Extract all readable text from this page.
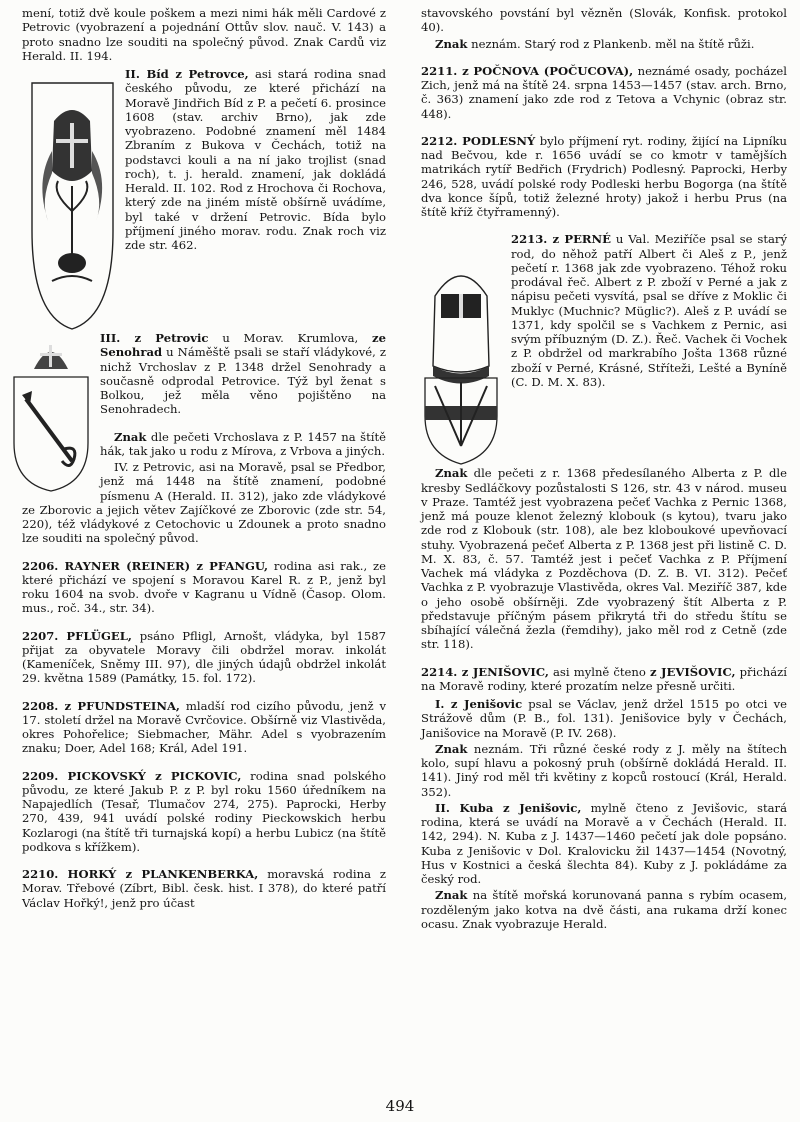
mení, totiž dvě koule poškem a mezi nimi hák měli Cardové z Petrovic (vyobrazení a pojednání Ottův slov. nauč. V. 143) a proto snadno lze souditi na společný původ. Znak Cardů viz Herald. II. 194.

II. Bíd z Petrovce, asi stará rodina snad českého původu, ze které přichází na Moravě Jindřich Bíd z P. a pečetí 6. prosince 1608 (stav. archiv Brno), jak zde vyobrazeno. Podobné znamení měl 1484 Zbraním z Bukova v Čechách, totiž na podstavci kouli a na ní jako trojlist (snad roch), t. j. herald. znamení, jak dokládá Herald. II. 102. Rod z Hrochova či Rochova, který zde na jiném místě obšírně uvádíme, byl také v držení Petrovic. Bída bylo příjmení jiného morav. rodu. Znak roch viz zde str. 462.

III. z Petrovic u Morav. Krumlova, ze Senohrad u Náměště psali se staří vládykové, z nichž Vrchoslav z P. 1348 držel Senohrady a současně odprodal Petrovice. Týž byl ženat s Bolkou, jež měla věno pojištěno na Senohradech.

Znak dle pečeti Vrchoslava z P. 1457 na štítě hák, tak jako u rodu z Mírova, z Vrbova a jiných.

IV. z Petrovic, asi na Moravě, psal se Předbor, jenž má 1448 na štítě znamení, podobné písmenu A (Herald. II. 312), jako zde vládykové ze Zborovic a jejich větev Zajíčkové ze Zborovic (zde str. 54, 220), též vládykové z Cetochovic u Zdounek a proto snadno lze souditi na společný původ.

2206. RAYNER (REINER) z PFANGU, rodina asi rak., ze které přichází ve spojení s Moravou Karel R. z P., jenž byl roku 1604 na svob. dvoře v Kagranu u Vídně (Časop. Olom. mus., roč. 34., str. 34).

2207. PFLÜGEL, psáno Pfligl, Arnošt, vládyka, byl 1587 přijat za obyvatele Moravy čili obdržel morav. inkolát (Kameníček, Sněmy III. 97), dle jiných údajů obdržel inkolát 29. května 1589 (Památky, 15. fol. 172).

2208. z PFUNDSTEINA, mladší rod cizího původu, jenž v 17. století držel na Moravě Cvrčovice. Obšírně viz Vlastivěda, okres Pohořelice; Siebmacher, Mähr. Adel s vyobrazením znaku; Doer, Adel 168; Král, Adel 191.

2209. PICKOVSKÝ z PICKOVIC, rodina snad polského původu, ze které Jakub P. z P. byl roku 1560 úředníkem na Napajedlích (Tesař, Tlumačov 274, 275). Paprocki, Herby 270, 439, 941 uvádí polské rodiny Pieckowskich herbu Kozlarogi (na štítě tři turnajská kopí) a herbu Lubicz (na štítě podkova s křížkem).

2210. HORKÝ z PLANKENBERKA, moravská rodina z Morav. Třebové (Zíbrt, Bibl. česk. hist. I 378), do které patří Václav Hořký!, jenž pro účast

stavovského povstání byl vězněn (Slovák, Konfisk. protokol 40).

Znak neznám. Starý rod z Plankenb. měl na štítě růži.

2211. z POČNOVA (POČUCOVA), neznámé osady, pocházel Zich, jenž má na štítě 24. srpna 1453—1457 (stav. arch. Brno, č. 363) znamení jako zde rod z Tetova a Vchynic (obraz str. 448).

2212. PODLESNÝ bylo příjmení ryt. rodiny, žijící na Lipníku nad Bečvou, kde r. 1656 uvádí se co kmotr v tamějších matrikách rytíř Bedřich (Frydrich) Podlesný. Paprocki, Herby 246, 528, uvádí polské rody Podleski herbu Bogorga (na štítě dva konce šípů, totiž železné hroty) jakož i herbu Prus (na štítě kříž čtyřramenný).

2213. z PERNÉ u Val. Meziříče psal se starý rod, do něhož patří Albert či Aleš z P., jenž pečetí r. 1368 jak zde vyobrazeno. Téhož roku prodával řeč. Albert z P. zboží v Perné a jak z nápisu pečeti vysvítá, psal se dříve z Moklic či Muklyc (Muchnic? Müglic?). Aleš z P. uvádí se 1371, kdy spolčil se s Vachkem z Pernic, asi svým příbuzným (D. Z.). Řeč. Vachek či Vochek z P. obdržel od markrabího Jošta 1368 různé zboží v Perné, Krásné, Stříteži, Lešté a Byníně (C. D. M. X. 83).

Znak dle pečeti z r. 1368 předesílaného Alberta z P. dle kresby Sedláčkovy pozůstalosti S 126, str. 43 v národ. museu v Praze. Tamtéž jest vyobrazena pečeť Vachka z Pernic 1368, jenž má pouze klenot železný klobouk (s kytou), tvaru jako zde rod z Klobouk (str. 108), ale bez kloboukové upevňovací stuhy. Vyobrazená pečeť Alberta z P. 1368 jest při listině C. D. M. X. 83, č. 57. Tamtéž jest i pečeť Vachka z P. Příjmení Vachek má vládyka z Pozděchova (D. Z. B. VI. 312). Pečeť Vachka z P. vyobrazuje Vlastivěda, okres Val. Meziříč 387, kde o jeho osobě obšírněji. Zde vyobrazený štít Alberta z P. představuje příčným pásem přikrytá tři do středu štítu se sbíhající válečná žezla (řemdihy), jako měl rod z Cetně (zde str. 118).

2214. z JENIŠOVIC, asi mylně čteno z JEVIŠOVIC, přichází na Moravě rodiny, které prozatím nelze přesně určiti.

I. z Jenišovic psal se Václav, jenž držel 1515 po otci ve Strážově dům (P. B., fol. 131). Jenišovice byly v Čechách, Janišovice na Moravě (P. IV. 268).

Znak neznám. Tři různé české rody z J. měly na štítech kolo, supí hlavu a pokosný pruh (obšírně dokládá Herald. II. 141). Jiný rod měl tři květiny z kopců rostoucí (Král, Herald. 352).

II. Kuba z Jenišovic, mylně čteno z Jevišovic, stará rodina, která se uvádí na Moravě a v Čechách (Herald. II. 142, 294). N. Kuba z J. 1437—1460 pečetí jak dole popsáno. Kuba z Jenišovic v Dol. Kralovicku žil 1437—1454 (Novotný, Hus v Kostnici a česká šlechta 84). Kuby z J. pokládáme za český rod.

Znak na štítě mořská korunovaná panna s rybím ocasem, rozděleným jako kotva na dvě části, ana rukama drží konec ocasu. Znak vyobrazuje Herald.

494
